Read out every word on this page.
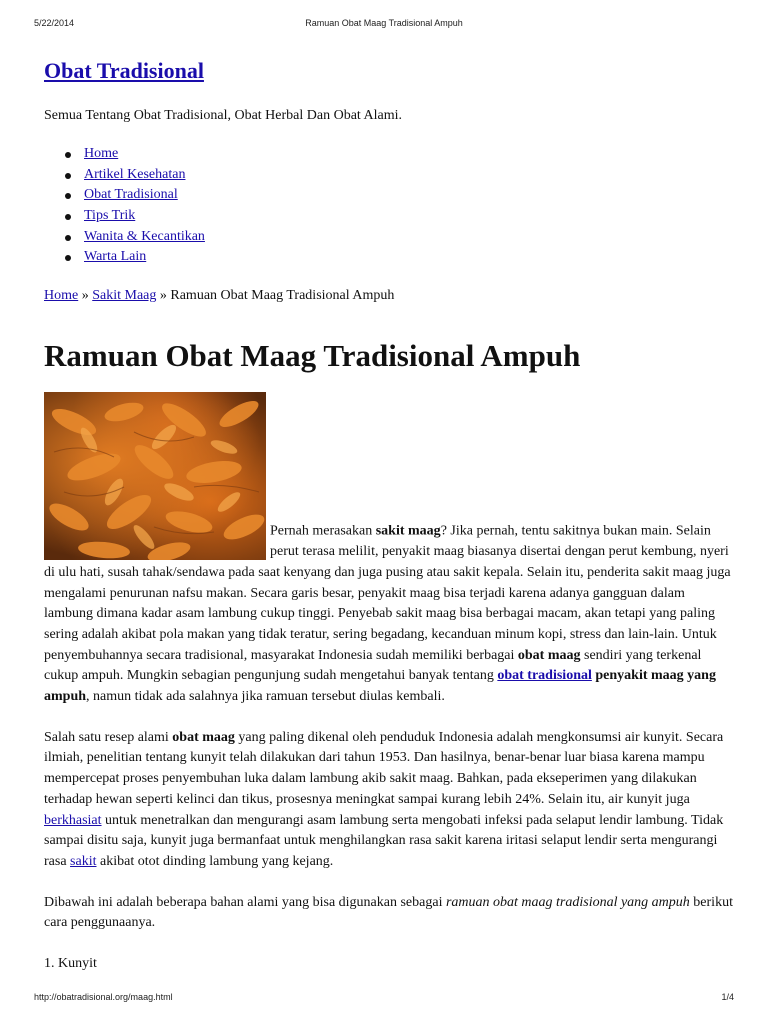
5/22/2014	Ramuan Obat Maag Tradisional Ampuh
Obat Tradisional

Semua Tentang Obat Tradisional, Obat Herbal Dan Obat Alami.

Home
Artikel Kesehatan
Obat Tradisional
Tips Trik
Wanita & Kecantikan
Warta Lain
Home » Sakit Maag » Ramuan Obat Maag Tradisional Ampuh
Ramuan Obat Maag Tradisional Ampuh

Pernah merasakan sakit maag? Jika pernah, tentu sakitnya bukan main. Selain perut terasa melilit, penyakit maag biasanya disertai dengan perut kembung, nyeri di ulu hati, susah tahak/sendawa pada saat kenyang dan juga pusing atau sakit kepala. Selain itu, penderita sakit maag juga mengalami penurunan nafsu makan. Secara garis besar, penyakit maag bisa terjadi karena adanya gangguan dalam lambung dimana kadar asam lambung cukup tinggi. Penyebab sakit maag bisa berbagai macam, akan tetapi yang paling sering adalah akibat pola makan yang tidak teratur, sering begadang, kecanduan minum kopi, stress dan lain-lain. Untuk penyembuhannya secara tradisional, masyarakat Indonesia sudah memiliki berbagai obat maag sendiri yang terkenal cukup ampuh. Mungkin sebagian pengunjung sudah mengetahui banyak tentang obat tradisional penyakit maag yang ampuh, namun tidak ada salahnya jika ramuan tersebut diulas kembali.

Salah satu resep alami obat maag yang paling dikenal oleh penduduk Indonesia adalah mengkonsumsi air kunyit. Secara ilmiah, penelitian tentang kunyit telah dilakukan dari tahun 1953. Dan hasilnya, benar-benar luar biasa karena mampu mempercepat proses penyembuhan luka dalam lambung akib sakit maag. Bahkan, pada ekseperimen yang dilakukan terhadap hewan seperti kelinci dan tikus, prosesnya meningkat sampai kurang lebih 24%. Selain itu, air kunyit juga berkhasiat untuk menetralkan dan mengurangi asam lambung serta mengobati infeksi pada selaput lendir lambung. Tidak sampai disitu saja, kunyit juga bermanfaat untuk menghilangkan rasa sakit karena iritasi selaput lendir serta mengurangi rasa sakit akibat otot dinding lambung yang kejang.

Dibawah ini adalah beberapa bahan alami yang bisa digunakan sebagai ramuan obat maag tradisional yang ampuh berikut cara penggunaanya.

1. Kunyit
http://obatradisional.org/maag.html	1/4
